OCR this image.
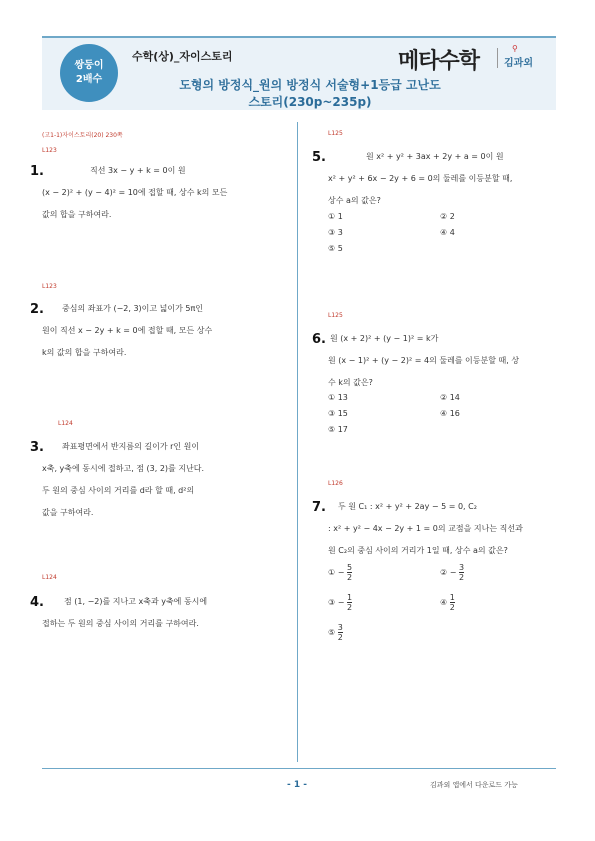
쌍둥이
2배수
수학(상)_자이스토리
도형의 방정식_원의 방정식 서술형+1등급 고난도
스토리(230p~235p)
메타수학
⚲
김과외
(고1-1)자이스토리(20) 230쪽
L123
1.	직선 3x − y + k = 0이 원
(x − 2)² + (y − 4)² = 10에 접할 때, 상수 k의 모든
값의 합을 구하여라.
L123
2.	중심의 좌표가 (−2, 3)이고 넓이가 5π인
원이 직선 x − 2y + k = 0에 접할 때, 모든 상수
k의 값의 합을 구하여라.
L124
3.	좌표평면에서 반지름의 길이가 r인 원이
x축, y축에 동시에 접하고, 점 (3, 2)를 지난다.
두 원의 중심 사이의 거리를 d라 할 때, d²의
값을 구하여라.
L124
4.	점 (1, −2)를 지나고 x축과 y축에 동시에
접하는 두 원의 중심 사이의 거리를 구하여라.
L125
5.	원 x² + y² + 3ax + 2y + a = 0이 원
x² + y² + 6x − 2y + 6 = 0의 둘레를 이등분할 때,
상수 a의 값은?
① 1	② 2
③ 3	④ 4
⑤ 5
L125
6. 원 (x + 2)² + (y − 1)² = k가
원 (x − 1)² + (y − 2)² = 4의 둘레를 이등분할 때, 상
수 k의 값은?
① 13	② 14
③ 15	④ 16
⑤ 17
L126
7.	두 원 C₁ : x² + y² + 2ay − 5 = 0, C₂
: x² + y² − 4x − 2y + 1 = 0의 교점을 지나는 직선과
원 C₂의 중심 사이의 거리가 1일 때, 상수 a의 값은?
① − $\frac{5}{2}$	② − $\frac{3}{2}$
③ − $\frac{1}{2}$	④ $\frac{1}{2}$
⑤ $\frac{3}{2}$
- 1 -	김과외 앱에서 다운로드 가능
